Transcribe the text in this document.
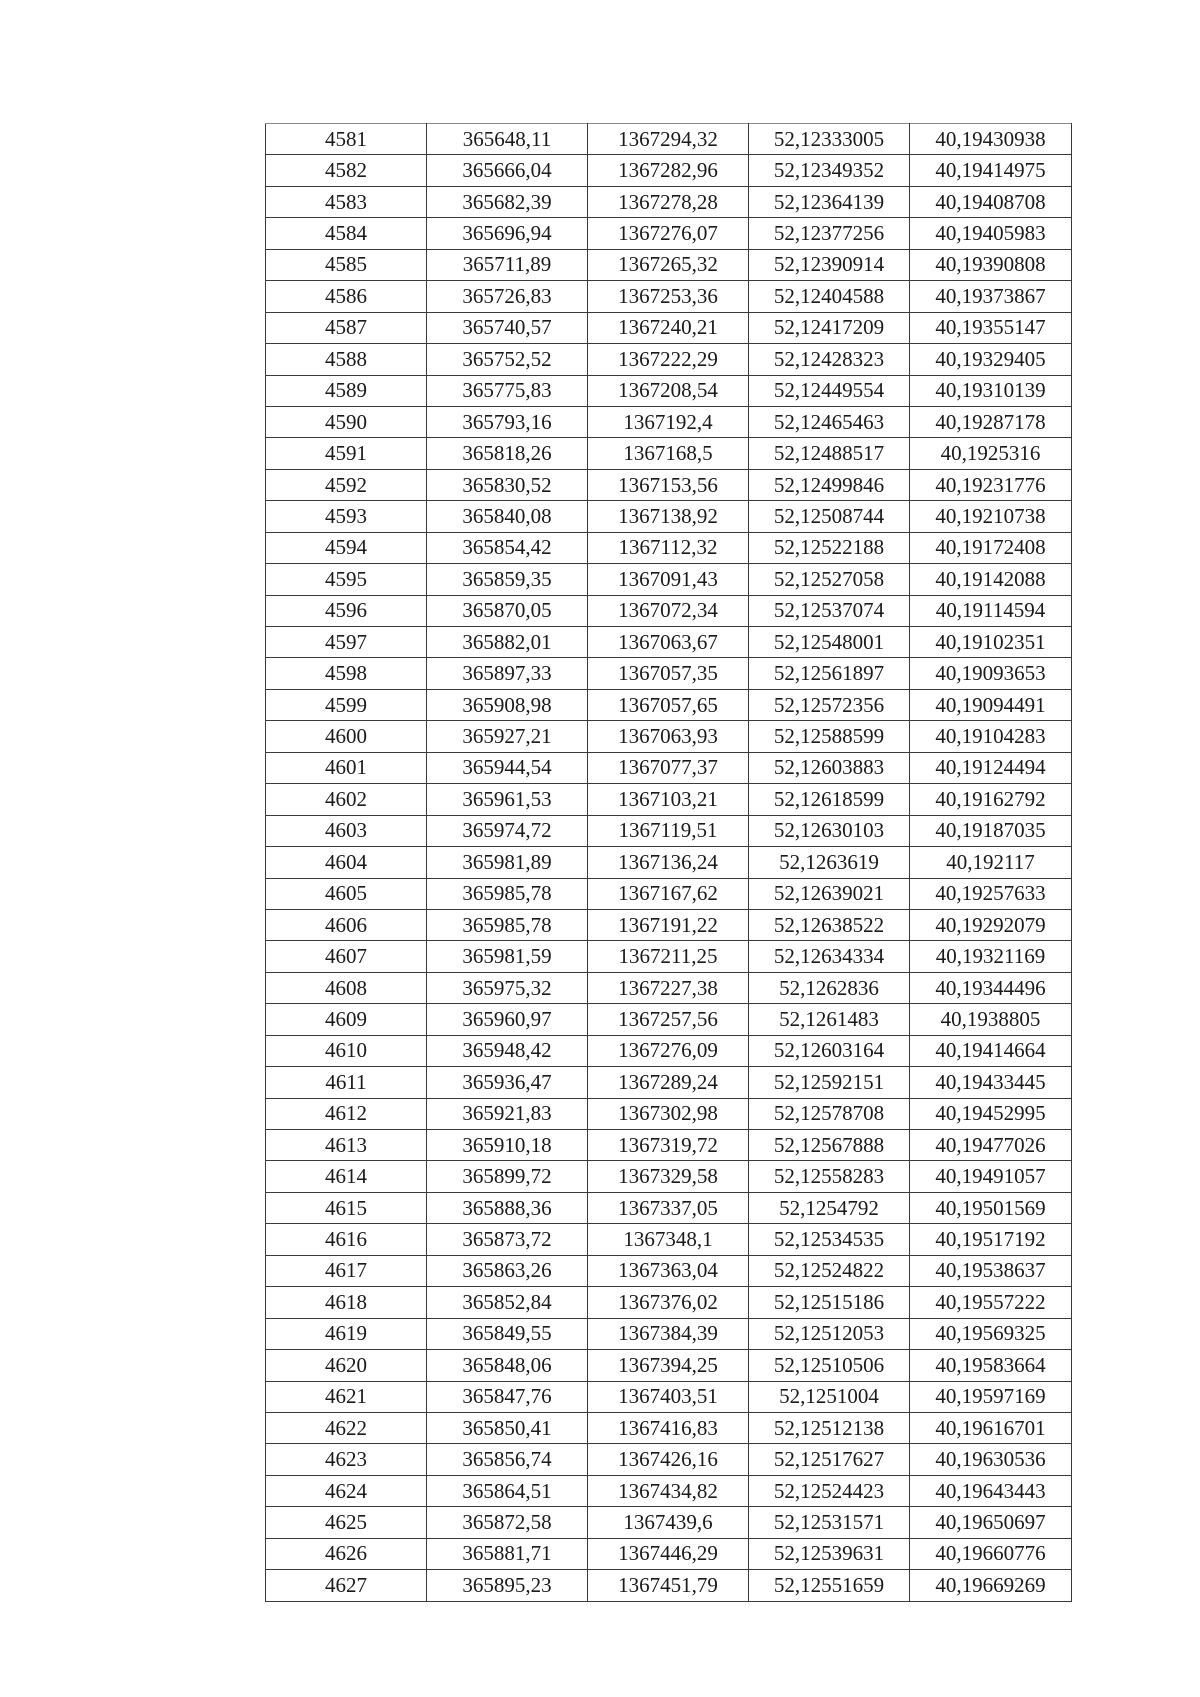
4581	365648,11	1367294,32	52,12333005	40,19430938
4582	365666,04	1367282,96	52,12349352	40,19414975
4583	365682,39	1367278,28	52,12364139	40,19408708
4584	365696,94	1367276,07	52,12377256	40,19405983
4585	365711,89	1367265,32	52,12390914	40,19390808
4586	365726,83	1367253,36	52,12404588	40,19373867
4587	365740,57	1367240,21	52,12417209	40,19355147
4588	365752,52	1367222,29	52,12428323	40,19329405
4589	365775,83	1367208,54	52,12449554	40,19310139
4590	365793,16	1367192,4	52,12465463	40,19287178
4591	365818,26	1367168,5	52,12488517	40,1925316
4592	365830,52	1367153,56	52,12499846	40,19231776
4593	365840,08	1367138,92	52,12508744	40,19210738
4594	365854,42	1367112,32	52,12522188	40,19172408
4595	365859,35	1367091,43	52,12527058	40,19142088
4596	365870,05	1367072,34	52,12537074	40,19114594
4597	365882,01	1367063,67	52,12548001	40,19102351
4598	365897,33	1367057,35	52,12561897	40,19093653
4599	365908,98	1367057,65	52,12572356	40,19094491
4600	365927,21	1367063,93	52,12588599	40,19104283
4601	365944,54	1367077,37	52,12603883	40,19124494
4602	365961,53	1367103,21	52,12618599	40,19162792
4603	365974,72	1367119,51	52,12630103	40,19187035
4604	365981,89	1367136,24	52,1263619	40,192117
4605	365985,78	1367167,62	52,12639021	40,19257633
4606	365985,78	1367191,22	52,12638522	40,19292079
4607	365981,59	1367211,25	52,12634334	40,19321169
4608	365975,32	1367227,38	52,1262836	40,19344496
4609	365960,97	1367257,56	52,1261483	40,1938805
4610	365948,42	1367276,09	52,12603164	40,19414664
4611	365936,47	1367289,24	52,12592151	40,19433445
4612	365921,83	1367302,98	52,12578708	40,19452995
4613	365910,18	1367319,72	52,12567888	40,19477026
4614	365899,72	1367329,58	52,12558283	40,19491057
4615	365888,36	1367337,05	52,1254792	40,19501569
4616	365873,72	1367348,1	52,12534535	40,19517192
4617	365863,26	1367363,04	52,12524822	40,19538637
4618	365852,84	1367376,02	52,12515186	40,19557222
4619	365849,55	1367384,39	52,12512053	40,19569325
4620	365848,06	1367394,25	52,12510506	40,19583664
4621	365847,76	1367403,51	52,1251004	40,19597169
4622	365850,41	1367416,83	52,12512138	40,19616701
4623	365856,74	1367426,16	52,12517627	40,19630536
4624	365864,51	1367434,82	52,12524423	40,19643443
4625	365872,58	1367439,6	52,12531571	40,19650697
4626	365881,71	1367446,29	52,12539631	40,19660776
4627	365895,23	1367451,79	52,12551659	40,19669269
